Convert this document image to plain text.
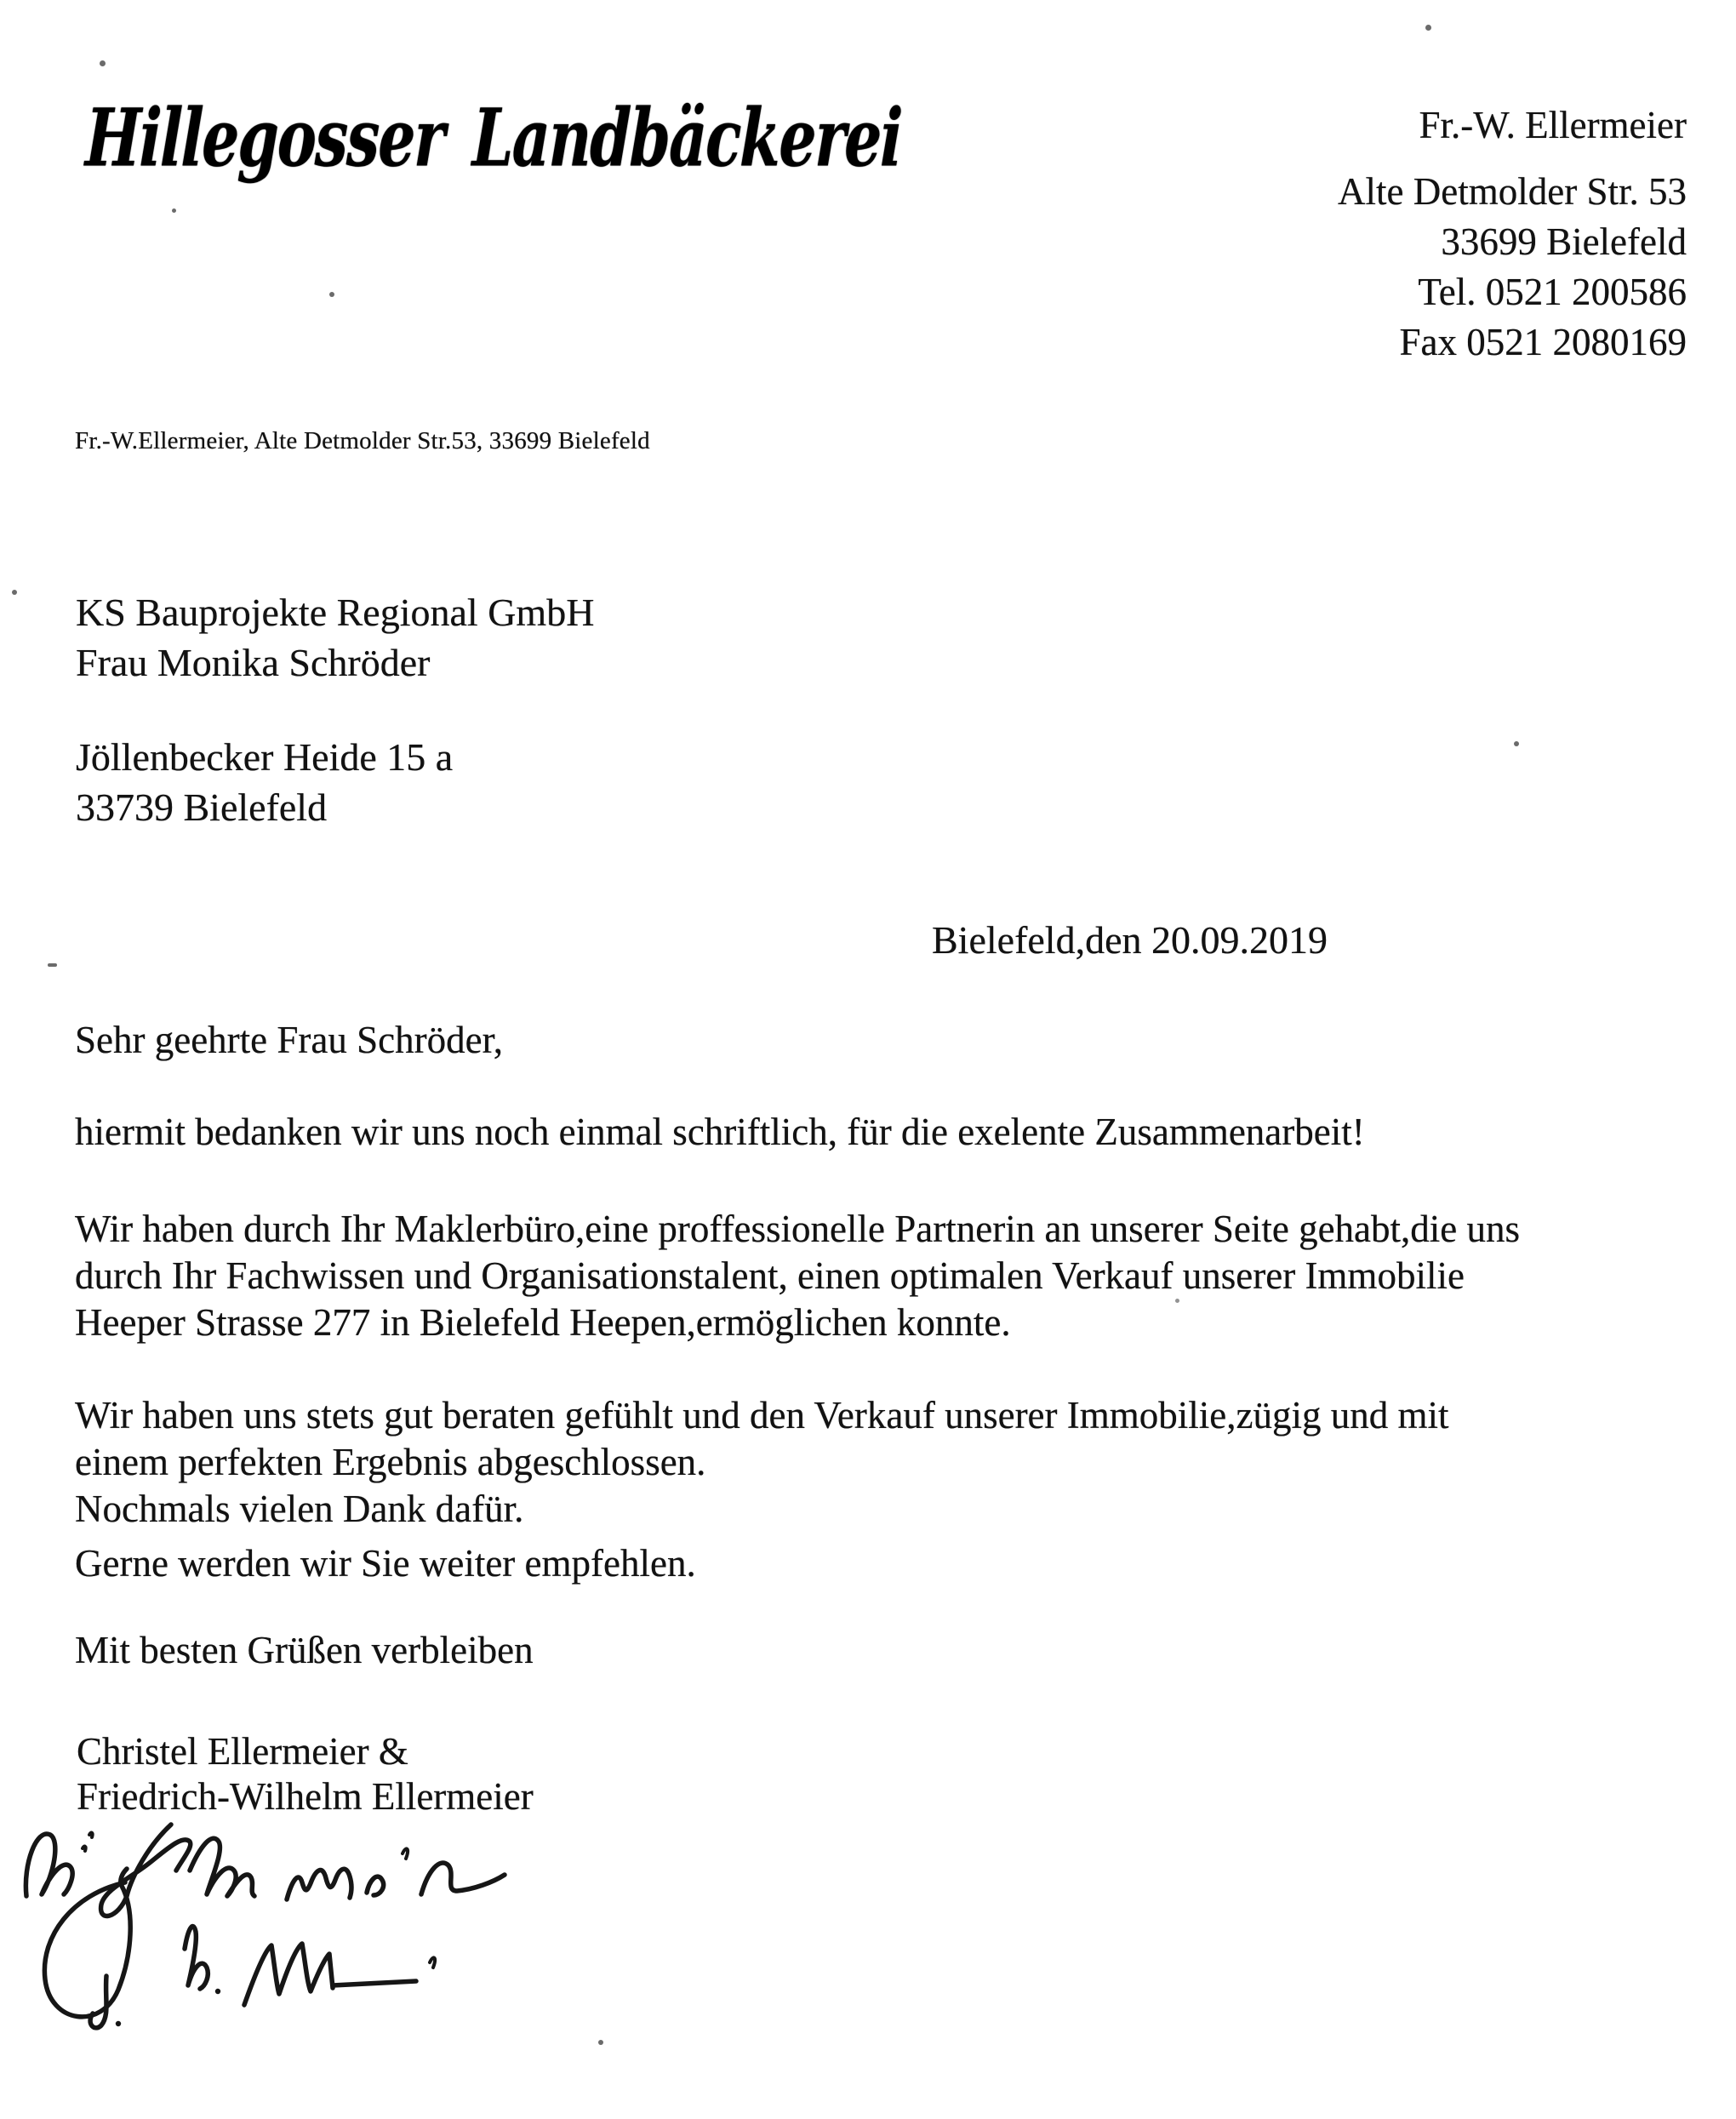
Hillegosser Landbäckerei	Fr.-W. Ellermeier
Alte Detmolder Str. 53
33699 Bielefeld
Tel. 0521 200586
Fax 0521 2080169
Fr.-W.Ellermeier, Alte Detmolder Str.53, 33699 Bielefeld
KS Bauprojekte Regional GmbH
Frau Monika Schröder
Jöllenbecker Heide 15 a
33739 Bielefeld
Bielefeld,den 20.09.2019
Sehr geehrte Frau Schröder,
hiermit bedanken wir uns noch einmal schriftlich, für die exelente Zusammenarbeit!
Wir haben durch Ihr Maklerbüro,eine proffessionelle Partnerin an unserer Seite gehabt,die uns
durch Ihr Fachwissen und Organisationstalent, einen optimalen Verkauf unserer Immobilie
Heeper Strasse 277 in Bielefeld Heepen,ermöglichen konnte.
Wir haben uns stets gut beraten gefühlt und den Verkauf unserer Immobilie,zügig und mit
einem perfekten Ergebnis abgeschlossen.
Nochmals vielen Dank dafür.
Gerne werden wir Sie weiter empfehlen.
Mit besten Grüßen verbleiben
Christel Ellermeier &
Friedrich-Wilhelm Ellermeier
